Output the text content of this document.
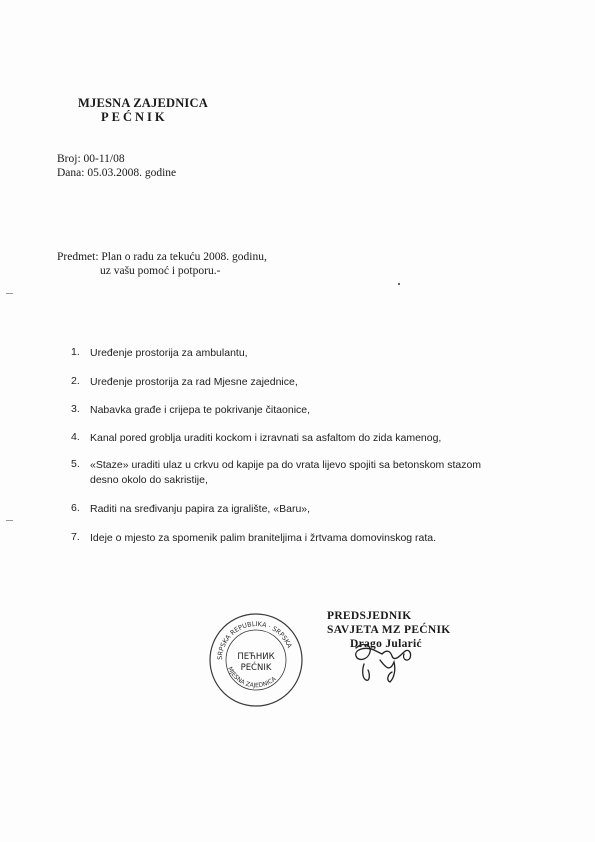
MJESNA ZAJEDNICA
PEĆNIK
Broj: 00-11/08
Dana: 05.03.2008. godine
Predmet: Plan o radu za tekuću 2008. godinu,
uz vašu pomoć i potporu.-
1. Uređenje prostorija za ambulantu,
2. Uređenje prostorija za rad Mjesne zajednice,
3. Nabavka građe i crijepa te pokrivanje čitaonice,
4. Kanal pored groblja uraditi kockom i izravnati sa asfaltom do zida kamenog,
5. «Staze» uraditi ulaz u crkvu od kapije pa do vrata lijevo spojiti sa betonskom stazom
desno okolo do sakristije,
6. Raditi na sređivanju papira za igralište, «Baru»,
7. Ideje o mjesto za spomenik palim braniteljima i žrtvama domovinskog rata.
PREDSJEDNIK
SAVJETA MZ PEĆNIK
Drago Jularić
SRPSKA REPUBLIKA · SRPSKA
MJESNA ZAJEDNICA
ПЕЋНИК
PEĆNIK
